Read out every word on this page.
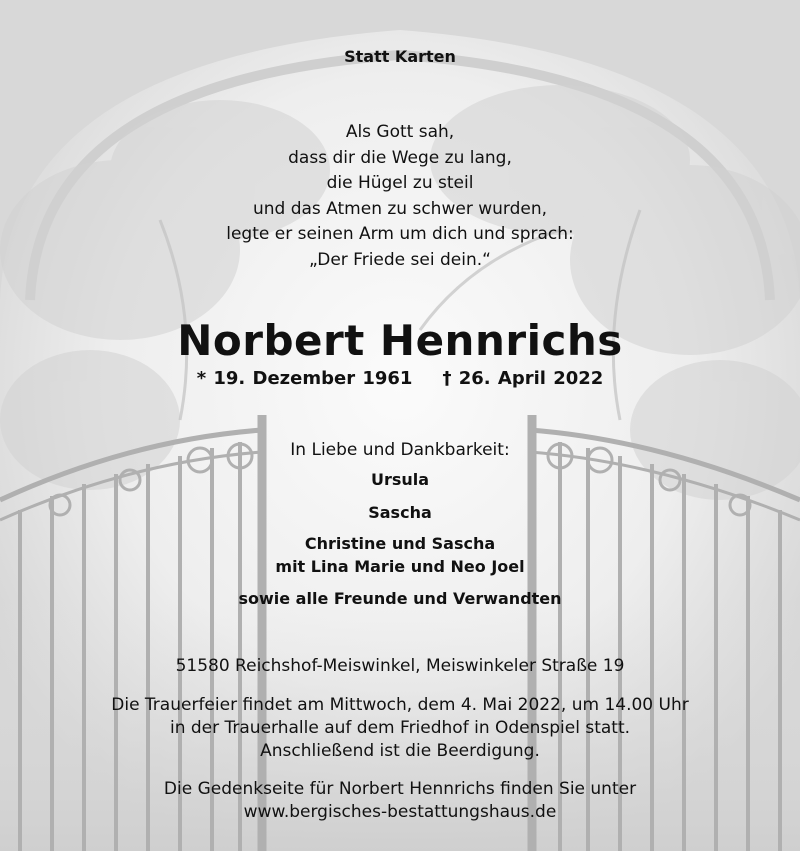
Statt Karten
Als Gott sah,
dass dir die Wege zu lang,
die Hügel zu steil
und das Atmen zu schwer wurden,
legte er seinen Arm um dich und sprach:
„Der Friede sei dein.“
Norbert Hennrichs
* 19. Dezember 1961 † 26. April 2022
In Liebe und Dankbarkeit:
Ursula
Sascha
Christine und Sascha
mit Lina Marie und Neo Joel
sowie alle Freunde und Verwandten
51580 Reichshof-Meiswinkel, Meiswinkeler Straße 19
Die Trauerfeier findet am Mittwoch, dem 4. Mai 2022, um 14.00 Uhr
in der Trauerhalle auf dem Friedhof in Odenspiel statt.
Anschließend ist die Beerdigung.
Die Gedenkseite für Norbert Hennrichs finden Sie unter
www.bergisches-bestattungshaus.de
